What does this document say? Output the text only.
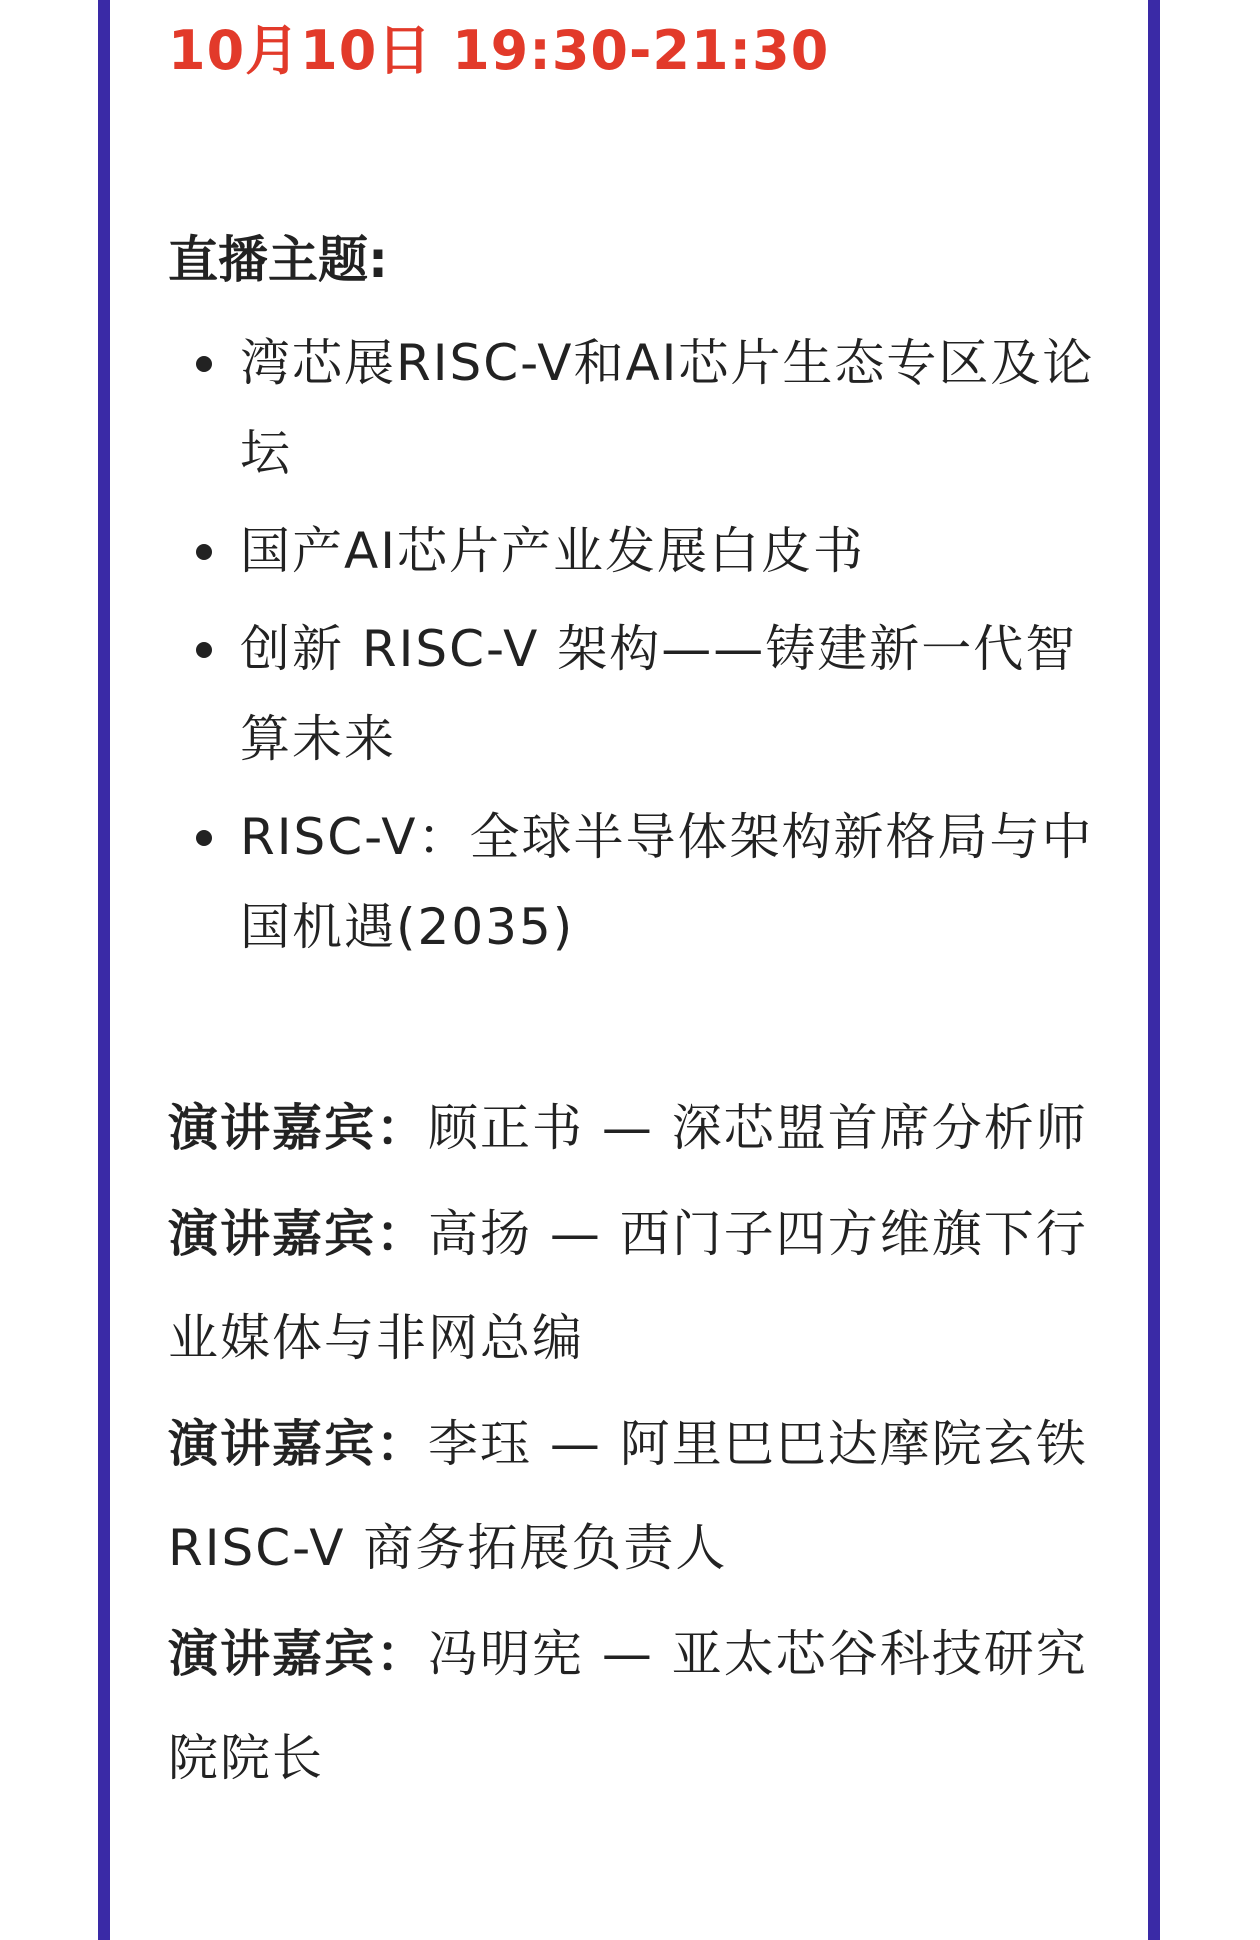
10月10日 19:30-21:30
直播主题:
湾芯展RISC-V和AI芯片生态专区及论坛
国产AI芯片产业发展白皮书
创新 RISC-V 架构——铸建新一代智算未来
RISC-V：全球半导体架构新格局与中国机遇(2035)
演讲嘉宾：顾正书 — 深芯盟首席分析师
演讲嘉宾：高扬 — 西门子四方维旗下行业媒体与非网总编
演讲嘉宾：李珏 — 阿里巴巴达摩院玄铁RISC-V 商务拓展负责人
演讲嘉宾：冯明宪 — 亚太芯谷科技研究院院长
